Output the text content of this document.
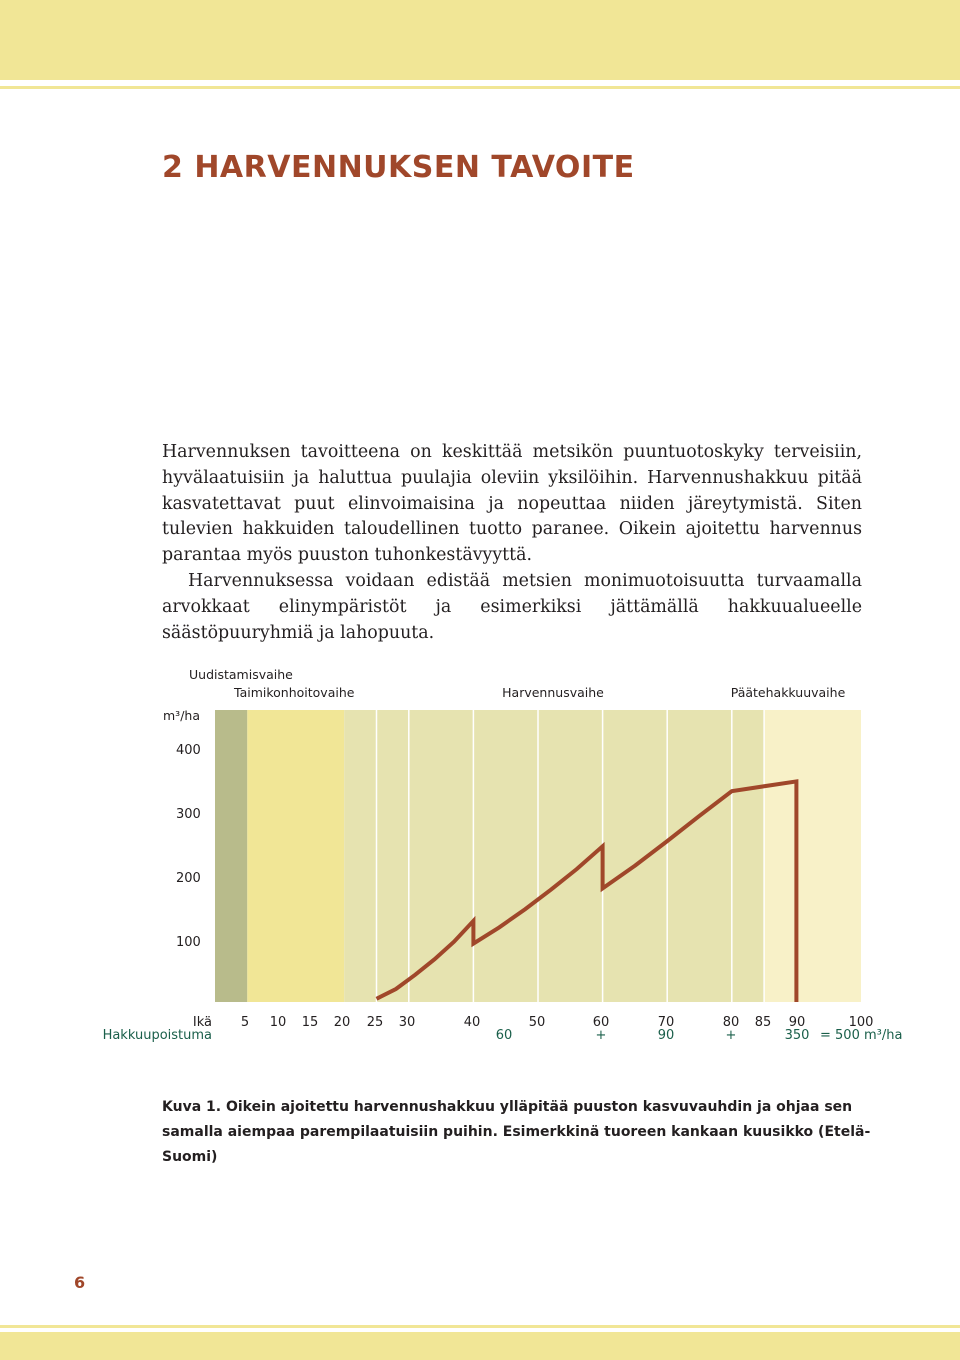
2 HARVENNUKSEN TAVOITE

Harvennuksen tavoitteena on keskittää metsikön puuntuotoskyky terveisiin, hyvälaatuisiin ja haluttua puulajia oleviin yksilöihin. Harvennushakkuu pitää kasvatettavat puut elinvoimaisina ja nopeuttaa niiden järeytymistä. Siten tulevien hakkuiden taloudellinen tuotto paranee. Oikein ajoitettu harvennus parantaa myös puuston tuhonkestävyyttä.

Harvennuksessa voidaan edistää metsien monimuotoisuutta turvaamalla arvokkaat elinympäristöt ja esimerkiksi jättämällä hakkuualueelle säästöpuuryhmiä ja lahopuuta.

Uudistamisvaihe
Taimikonhoitovaihe	Harvennusvaihe	Päätehakkuuvaihe
m³/ha
400
300
200
100
Ikä 5 10 15 20 25 30	40	50	60	70	80 85 90	100
Hakkuupoistuma	60	+	90	+	350 = 500 m³/ha

Kuva 1. Oikein ajoitettu harvennushakkuu ylläpitää puuston kasvuvauhdin ja ohjaa sen samalla aiempaa parempilaatuisiin puihin. Esimerkkinä tuoreen kankaan kuusikko (Etelä-Suomi)

6
